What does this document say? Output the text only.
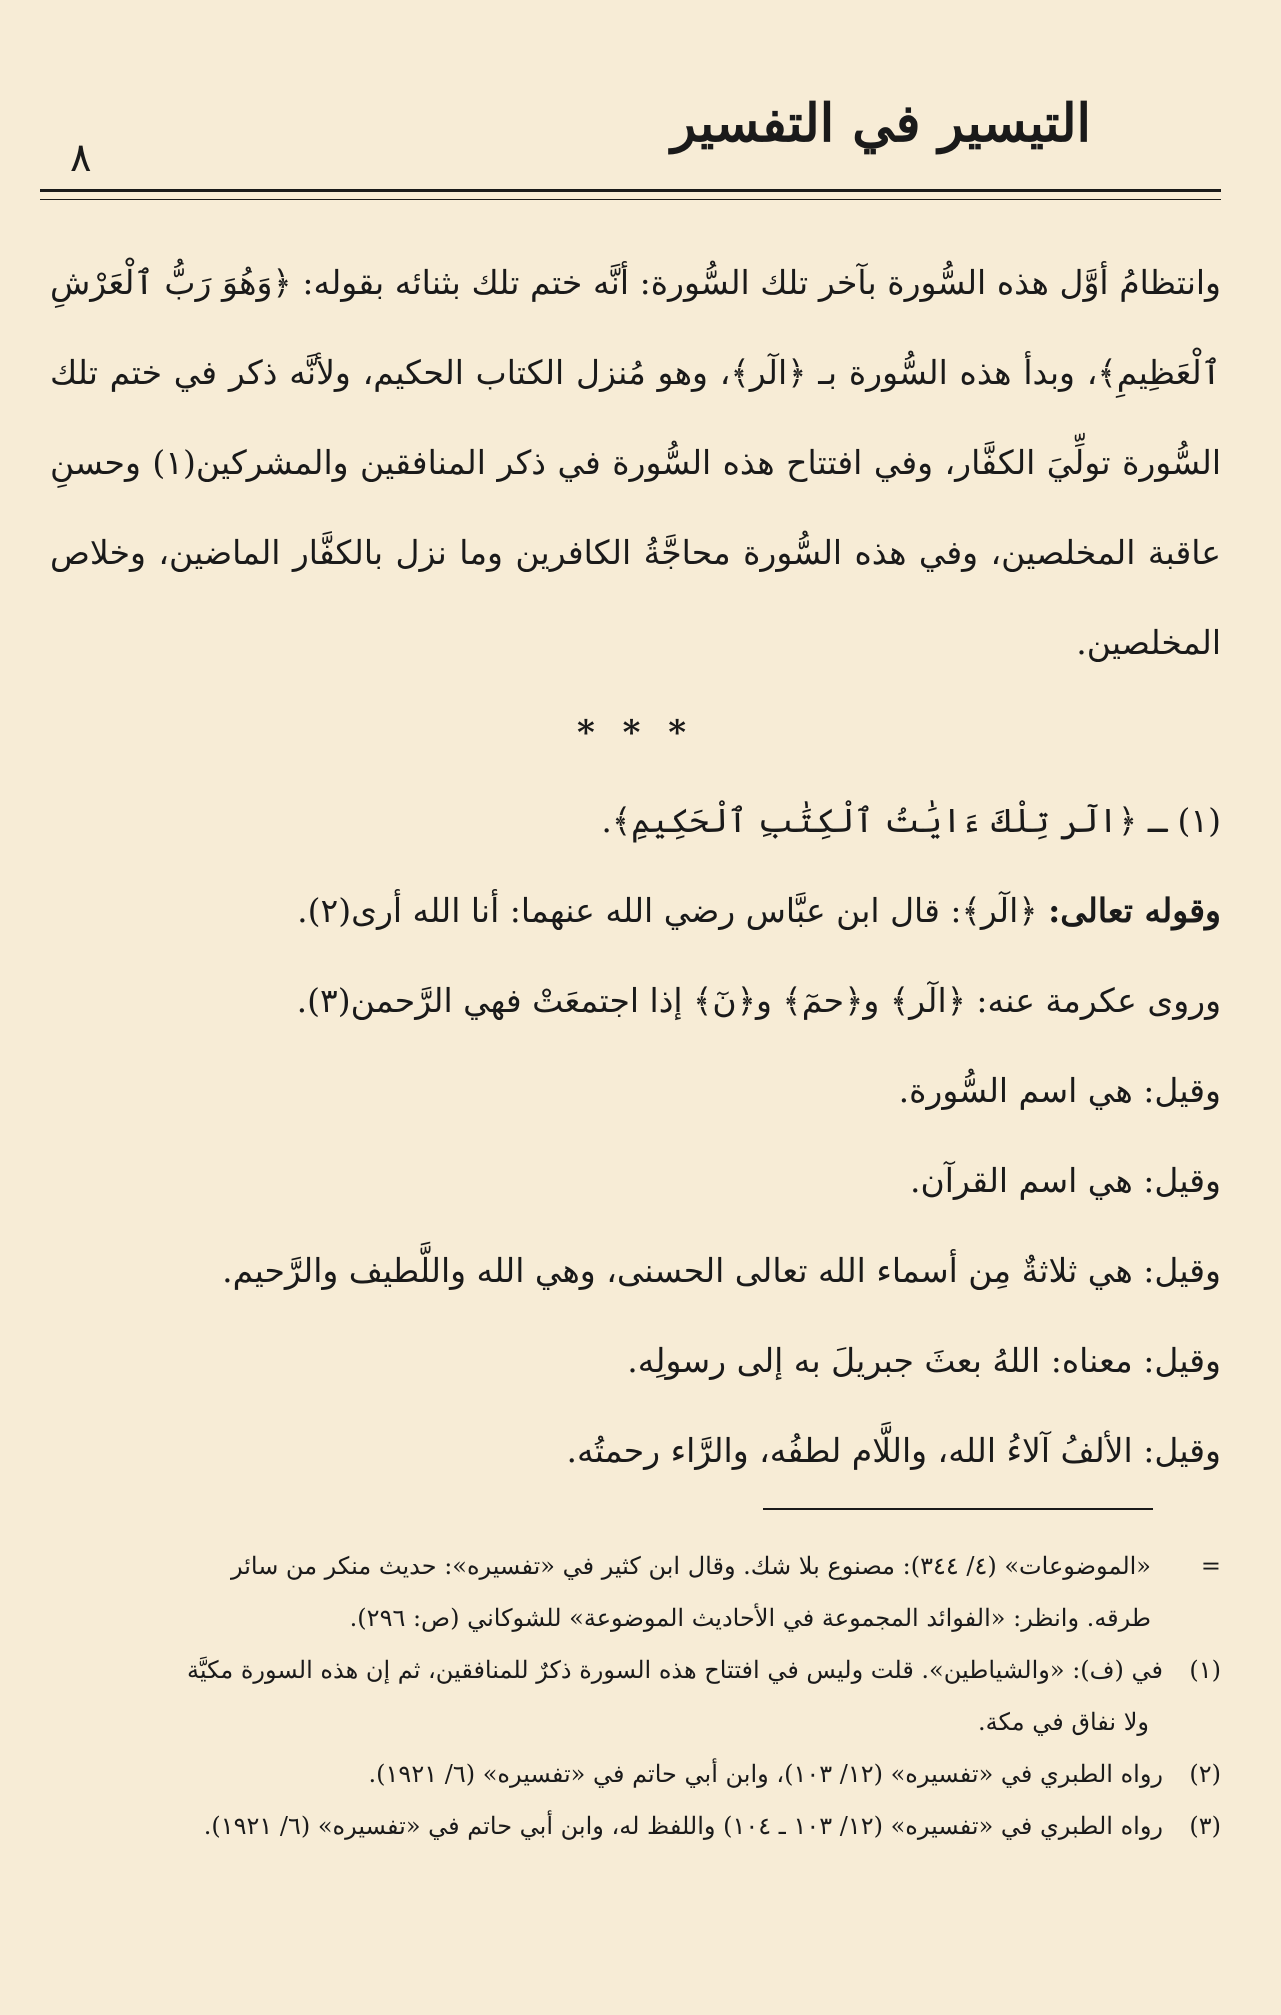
التيسير في التفسير
٨

وانتظامُ أوَّل هذه السُّورة بآخر تلك السُّورة: أنَّه ختم تلك بثنائه بقوله: ﴿وَهُوَ رَبُّ ٱلْعَرْشِ ٱلْعَظِيمِ﴾، وبدأ هذه السُّورة بـ ﴿الٓر﴾، وهو مُنزل الكتاب الحكيم، ولأنَّه ذكر في ختم تلك السُّورة تولِّيَ الكفَّار، وفي افتتاح هذه السُّورة في ذكر المنافقين والمشركين(١) وحسنِ عاقبة المخلصين، وفي هذه السُّورة محاجَّةُ الكافرين وما نزل بالكفَّار الماضين، وخلاص المخلصين.

* * *

(١) ـ ﴿الٓر تِلْكَ ءَايَٰتُ ٱلْكِتَٰبِ ٱلْحَكِيمِ﴾.

وقوله تعالى: ﴿الٓر﴾: قال ابن عبَّاس رضي الله عنهما: أنا الله أرى(٢).

وروى عكرمة عنه: ﴿الٓر﴾ و﴿حمٓ﴾ و﴿نٓ﴾ إذا اجتمعَتْ فهي الرَّحمن(٣).

وقيل: هي اسم السُّورة.

وقيل: هي اسم القرآن.

وقيل: هي ثلاثةٌ مِن أسماء الله تعالى الحسنى، وهي الله واللَّطيف والرَّحيم.

وقيل: معناه: اللهُ بعثَ جبريلَ به إلى رسولِه.

وقيل: الألفُ آلاءُ الله، واللَّام لطفُه، والرَّاء رحمتُه.

=

«الموضوعات» (٤/ ٣٤٤): مصنوع بلا شك. وقال ابن كثير في «تفسيره»: حديث منكر من سائر

طرقه. وانظر: «الفوائد المجموعة في الأحاديث الموضوعة» للشوكاني (ص: ٢٩٦).

(١)في (ف): «والشياطين». قلت وليس في افتتاح هذه السورة ذكرٌ للمنافقين، ثم إن هذه السورة مكيَّة

ولا نفاق في مكة.

(٢)رواه الطبري في «تفسيره» (١٢/ ١٠٣)، وابن أبي حاتم في «تفسيره» (٦/ ١٩٢١).

(٣)رواه الطبري في «تفسيره» (١٢/ ١٠٣ ـ ١٠٤) واللفظ له، وابن أبي حاتم في «تفسيره» (٦/ ١٩٢١).
